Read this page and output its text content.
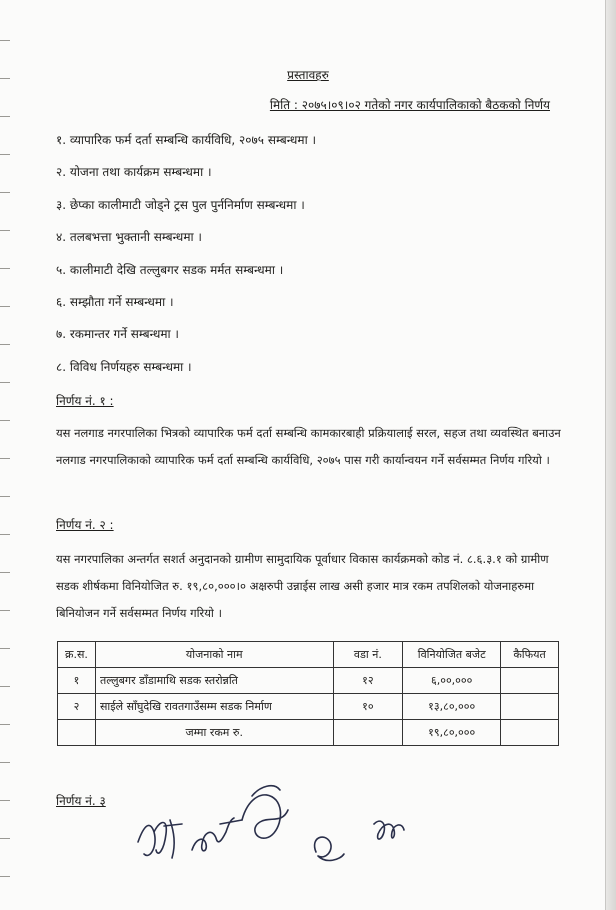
प्रस्तावहरु
मिति : २०७५।०९।०२ गतेको नगर कार्यपालिकाको बैठकको निर्णय
१. व्यापारिक फर्म दर्ता सम्बन्धि कार्यविधि, २०७५ सम्बन्धमा ।
२. योजना तथा कार्यक्रम सम्बन्धमा ।
३. छेप्का कालीमाटी जोड्ने ट्रस पुल पुर्ननिर्माण सम्बन्धमा ।
४. तलबभत्ता भुक्तानी सम्बन्धमा ।
५. कालीमाटी देखि तल्लुबगर सडक मर्मत सम्बन्धमा ।
६. सम्झौता गर्ने सम्बन्धमा ।
७. रकमान्तर गर्ने सम्बन्धमा ।
८. विविध निर्णयहरु सम्बन्धमा ।
निर्णय नं. १ :
यस नलगाड नगरपालिका भित्रको व्यापारिक फर्म दर्ता सम्बन्धि कामकारबाही प्रक्रियालाई सरल, सहज तथा व्यवस्थित बनाउन नलगाड नगरपालिकाको व्यापारिक फर्म दर्ता सम्बन्धि कार्यविधि, २०७५ पास गरी कार्यान्वयन गर्ने सर्वसम्मत निर्णय गरियो ।
निर्णय नं. २ :
यस नगरपालिका अन्तर्गत सशर्त अनुदानको ग्रामीण सामुदायिक पूर्वाधार विकास कार्यक्रमको कोड नं. ८.६.३.१ को ग्रामीण सडक शीर्षकमा विनियोजित रु. १९,८०,०००।० अक्षरुपी उन्नाईस लाख असी हजार मात्र रकम तपशिलको योजनाहरुमा बिनियोजन गर्ने सर्वसम्मत निर्णय गरियो ।
क्र.स.	योजनाको नाम	वडा नं.	विनियोजित बजेट	कैफियत
१	तल्लुबगर डाँडामाथि सडक स्तरोन्नति	१२	६,००,०००	
२	साईले साँघुदेखि रावतगाउँसम्म सडक निर्माण	१०	१३,८०,०००	
	जम्मा रकम रु.		१९,८०,०००	
निर्णय नं. ३
